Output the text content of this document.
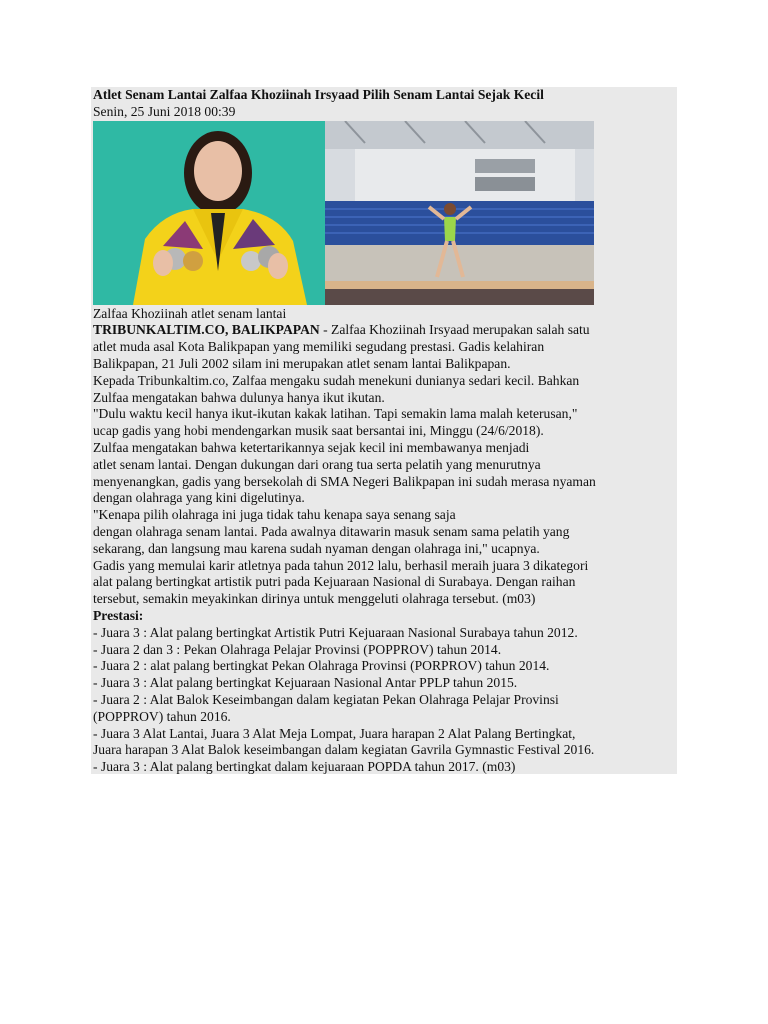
Atlet Senam Lantai Zalfaa Khoziinah Irsyaad Pilih Senam Lantai Sejak Kecil
Senin, 25 Juni 2018 00:39
Zalfaa Khoziinah atlet senam lantai
TRIBUNKALTIM.CO, BALIKPAPAN - Zalfaa Khoziinah Irsyaad merupakan salah satu
atlet muda asal Kota Balikpapan yang memiliki segudang prestasi. Gadis kelahiran
Balikpapan, 21 Juli 2002 silam ini merupakan atlet senam lantai Balikpapan.
Kepada Tribunkaltim.co, Zalfaa mengaku sudah menekuni dunianya sedari kecil. Bahkan
Zulfaa mengatakan bahwa dulunya hanya ikut ikutan.
"Dulu waktu kecil hanya ikut-ikutan kakak latihan. Tapi semakin lama malah keterusan,"
ucap gadis yang hobi mendengarkan musik saat bersantai ini, Minggu (24/6/2018).
Zulfaa mengatakan bahwa ketertarikannya sejak kecil ini membawanya menjadi
atlet senam lantai. Dengan dukungan dari orang tua serta pelatih yang menurutnya
menyenangkan, gadis yang bersekolah di SMA Negeri Balikpapan ini sudah merasa nyaman
dengan olahraga yang kini digelutinya.
"Kenapa pilih olahraga ini juga tidak tahu kenapa saya senang saja
dengan olahraga senam lantai. Pada awalnya ditawarin masuk senam sama pelatih yang
sekarang, dan langsung mau karena sudah nyaman dengan olahraga ini," ucapnya.
Gadis yang memulai karir atletnya pada tahun 2012 lalu, berhasil meraih juara 3 dikategori
alat palang bertingkat artistik putri pada Kejuaraan Nasional di Surabaya. Dengan raihan
tersebut, semakin meyakinkan dirinya untuk menggeluti olahraga tersebut. (m03)
Prestasi:
- Juara 3 : Alat palang bertingkat Artistik Putri Kejuaraan Nasional Surabaya tahun 2012.
- Juara 2 dan 3 : Pekan Olahraga Pelajar Provinsi (POPPROV) tahun 2014.
- Juara 2 : alat palang bertingkat Pekan Olahraga Provinsi (PORPROV) tahun 2014.
- Juara 3 : Alat palang bertingkat Kejuaraan Nasional Antar PPLP tahun 2015.
- Juara 2 : Alat Balok Keseimbangan dalam kegiatan Pekan Olahraga Pelajar Provinsi
(POPPROV) tahun 2016.
- Juara 3 Alat Lantai, Juara 3 Alat Meja Lompat, Juara harapan 2 Alat Palang Bertingkat,
Juara harapan 3 Alat Balok keseimbangan dalam kegiatan Gavrila Gymnastic Festival 2016.
- Juara 3 : Alat palang bertingkat dalam kejuaraan POPDA tahun 2017. (m03)
